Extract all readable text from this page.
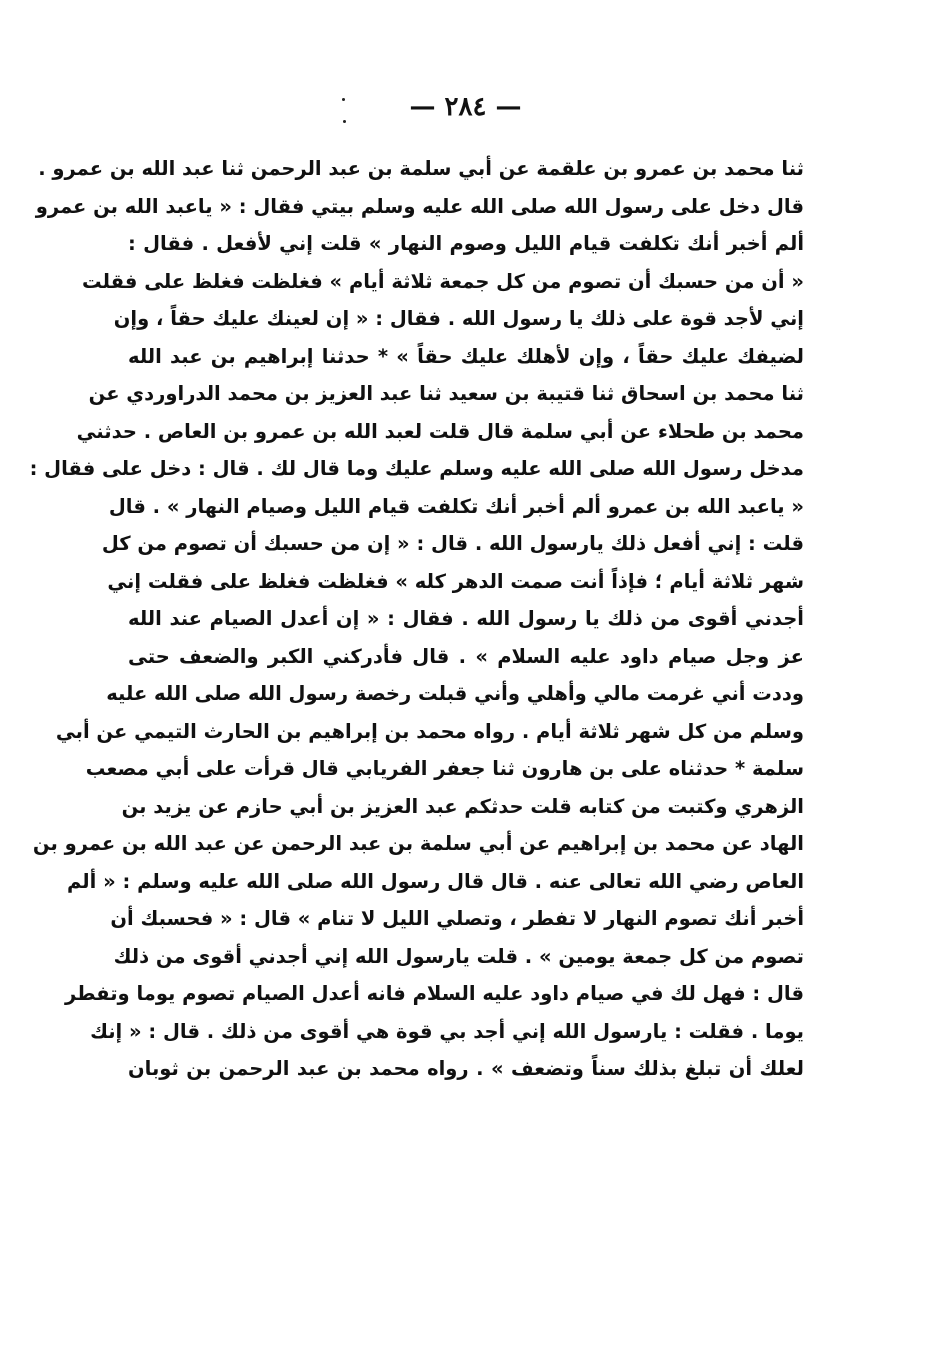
— ٢٨٤ —
ثنا محمد بن عمرو بن علقمة عن أبي سلمة بن عبد الرحمن ثنا عبد الله بن عمرو .
قال دخل على رسول الله صلى الله عليه وسلم بيتي فقال : « ياعبد الله بن عمرو
ألم أخبر أنك تكلفت قيام الليل وصوم النهار » قلت إني لأفعل . فقال :
« أن من حسبك أن تصوم من كل جمعة ثلاثة أيام » فغلظت فغلظ على فقلت
إني لأجد قوة على ذلك يا رسول الله . فقال : « إن لعينك عليك حقاً ، وإن
لضيفك عليك حقاً ، وإن لأهلك عليك حقاً » * حدثنا إبراهيم بن عبد الله
ثنا محمد بن اسحاق ثنا قتيبة بن سعيد ثنا عبد العزيز بن محمد الدراوردي عن
محمد بن طحلاء عن أبي سلمة قال قلت لعبد الله بن عمرو بن العاص . حدثني
مدخل رسول الله صلى الله عليه وسلم عليك وما قال لك . قال : دخل على فقال :
« ياعبد الله بن عمرو ألم أخبر أنك تكلفت قيام الليل وصيام النهار » . قال
قلت : إني أفعل ذلك يارسول الله . قال : « إن من حسبك أن تصوم من كل
شهر ثلاثة أيام ؛ فإذاً أنت صمت الدهر كله » فغلظت فغلظ على فقلت إني
أجدني أقوى من ذلك يا رسول الله . فقال : « إن أعدل الصيام عند الله
عز وجل صيام داود عليه السلام » . قال فأدركني الكبر والضعف حتى
وددت أني غرمت مالي وأهلي وأني قبلت رخصة رسول الله صلى الله عليه
وسلم من كل شهر ثلاثة أيام . رواه محمد بن إبراهيم بن الحارث التيمي عن أبي
سلمة * حدثناه على بن هارون ثنا جعفر الفريابي قال قرأت على أبي مصعب
الزهري وكتبت من كتابه قلت حدثكم عبد العزيز بن أبي حازم عن يزيد بن
الهاد عن محمد بن إبراهيم عن أبي سلمة بن عبد الرحمن عن عبد الله بن عمرو بن
العاص رضي الله تعالى عنه . قال قال رسول الله صلى الله عليه وسلم : « ألم
أخبر أنك تصوم النهار لا تفطر ، وتصلي الليل لا تنام » قال : « فحسبك أن
تصوم من كل جمعة يومين » . قلت يارسول الله إني أجدني أقوى من ذلك
قال : فهل لك في صيام داود عليه السلام فانه أعدل الصيام تصوم يوما وتفطر
يوما . فقلت : يارسول الله إني أجد بي قوة هي أقوى من ذلك . قال : « إنك
لعلك أن تبلغ بذلك سناً وتضعف » . رواه محمد بن عبد الرحمن بن ثوبان
